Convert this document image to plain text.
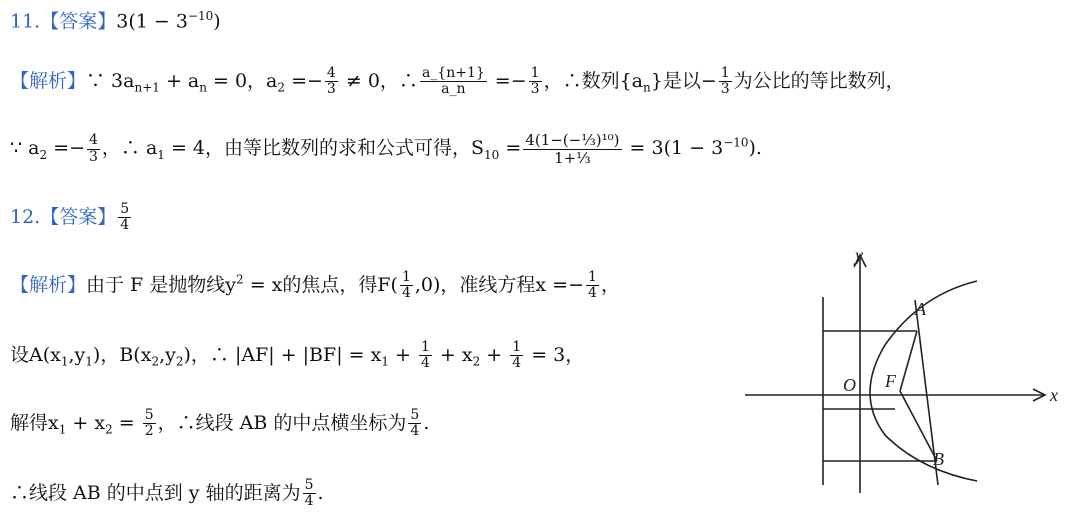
11.【答案】$3(1 - 3^{-10})$
【解析】∵ $3a_{n+1} + a_n = 0$，$a_2 =- \frac{4}{3} \ne 0$，∴ $\frac{a\_\{n+1\}}{a\_n} =- \frac{1}{3}$ ，∴数列$\{a_n\}$是以− $\frac{1}{3}$ 为公比的等比数列，
∵ $a_2 =- \frac{4}{3}$ ，∴ $a_1 = 4$，由等比数列的求和公式可得，$S_{10} = \frac{\text{4(1−(−⅓)¹⁰)}}{\text{1+⅓}} = 3(1 - 3^{-10})$.
12.【答案】 $\frac{5}{4}$
【解析】由于 F 是抛物线$y^2 = x$的焦点，得$F( \frac{1}{4} ,0)$，准线方程$x =- \frac{1}{4}$ ，
设$A(x_1,y_1)$，$B(x_2,y_2)$，∴ $|AF| + |BF| = x_1 + \frac{1}{4} + x_2 + \frac{1}{4} = 3$，
解得$x_1 + x_2 = \frac{5}{2}$ ，∴线段 AB 的中点横坐标为 $\frac{5}{4}$ .
∴线段 AB 的中点到 y 轴的距离为 $\frac{5}{4}$ .
y
x
O F
A
B
